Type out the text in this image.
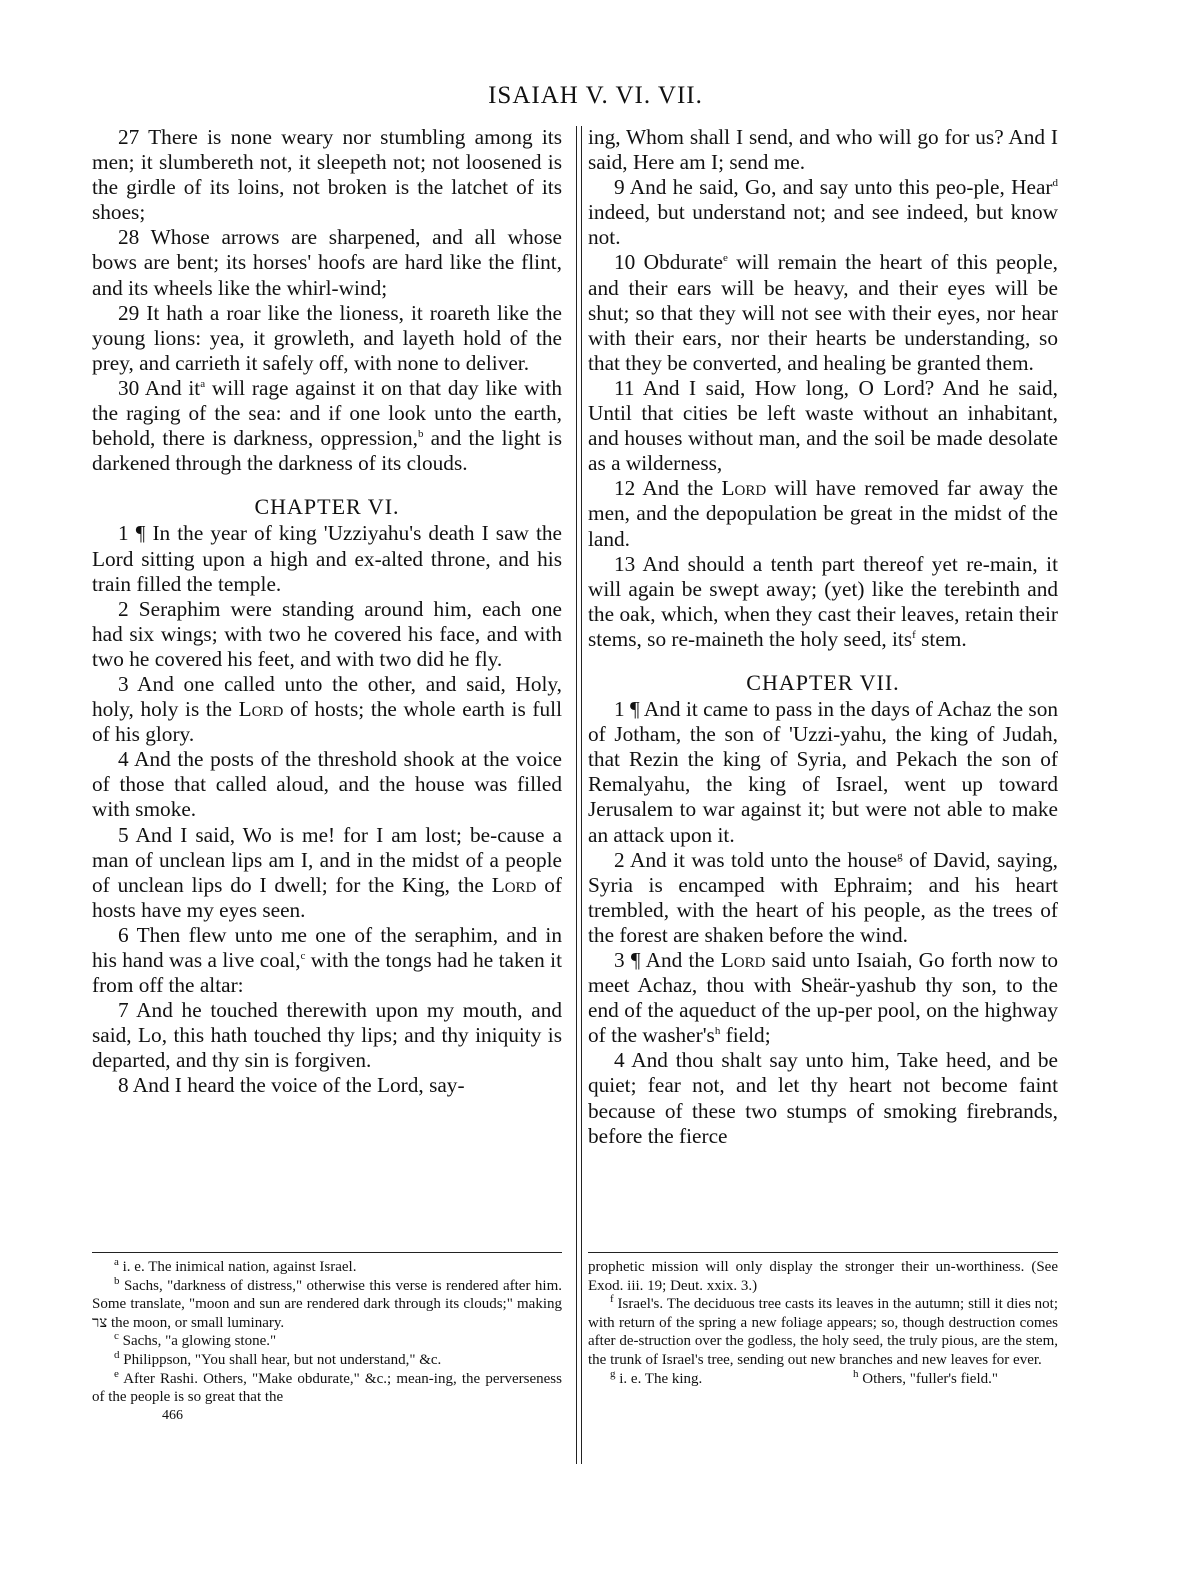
ISAIAH V. VI. VII.

27 There is none weary nor stumbling among its men; it slumbereth not, it sleepeth not; not loosened is the girdle of its loins, not broken is the latchet of its shoes;

28 Whose arrows are sharpened, and all whose bows are bent; its horses' hoofs are hard like the flint, and its wheels like the whirl-wind;

29 It hath a roar like the lioness, it roareth like the young lions: yea, it growleth, and layeth hold of the prey, and carrieth it safely off, with none to deliver.

30 And $it^a$ will rage against it on that day like with the raging of the sea: and if one look unto the earth, behold, there is darkness, oppression,$^b$ and the light is darkened through the darkness of its clouds.

CHAPTER VI.

1 ¶ In the year of king 'Uzziyahu's death I saw the Lord sitting upon a high and ex-alted throne, and his train filled the temple.

2 Seraphim were standing around him, each one had six wings; with two he covered his face, and with two he covered his feet, and with two did he fly.

3 And one called unto the other, and said, Holy, holy, holy is the Lord of hosts; the whole earth is full of his glory.

4 And the posts of the threshold shook at the voice of those that called aloud, and the house was filled with smoke.

5 And I said, Wo is me! for I am lost; be-cause a man of unclean lips am I, and in the midst of a people of unclean lips do I dwell; for the King, the Lord of hosts have my eyes seen.

6 Then flew unto me one of the seraphim, and in his hand was a live coal,$^c$ with the tongs had he taken it from off the altar:

7 And he touched therewith upon my mouth, and said, Lo, this hath touched thy lips; and thy iniquity is departed, and thy sin is forgiven.

8 And I heard the voice of the Lord, say-

ing, Whom shall I send, and who will go for us? And I said, Here am I; send me.

9 And he said, Go, and say unto this peo-ple, Hear$^d$ indeed, but understand not; and see indeed, but know not.

10 Obdurate$^e$ will remain the heart of this people, and their ears will be heavy, and their eyes will be shut; so that they will not see with their eyes, nor hear with their ears, nor their hearts be understanding, so that they be converted, and healing be granted them.

11 And I said, How long, O Lord? And he said, Until that cities be left waste without an inhabitant, and houses without man, and the soil be made desolate as a wilderness,

12 And the Lord will have removed far away the men, and the depopulation be great in the midst of the land.

13 And should a tenth part thereof yet re-main, it will again be swept away; (yet) like the terebinth and the oak, which, when they cast their leaves, retain their stems, so re-maineth the holy seed, its$^f$ stem.

CHAPTER VII.

1 ¶ And it came to pass in the days of Achaz the son of Jotham, the son of 'Uzzi-yahu, the king of Judah, that Rezin the king of Syria, and Pekach the son of Remalyahu, the king of Israel, went up toward Jerusalem to war against it; but were not able to make an attack upon it.

2 And it was told unto the house$^g$ of David, saying, Syria is encamped with Ephraim; and his heart trembled, with the heart of his people, as the trees of the forest are shaken before the wind.

3 ¶ And the Lord said unto Isaiah, Go forth now to meet Achaz, thou with Sheär-yashub thy son, to the end of the aqueduct of the up-per pool, on the highway of the $washer's^h$ field;

4 And thou shalt say unto him, Take heed, and be quiet; fear not, and let thy heart not become faint because of these two stumps of smoking firebrands, before the fierce

$^a$ i. e. The inimical nation, against Israel.

$^b$ Sachs, "darkness of distress," otherwise this verse is rendered after him. Some translate, "moon and sun are rendered dark through its clouds;" making צר the moon, or small luminary.

$^c$ Sachs, "a glowing stone."

$^d$ Philippson, "You shall hear, but not understand," &c.

$^e$ After Rashi. Others, "Make obdurate," &c.; mean-ing, the perverseness of the people is so great that the

466

prophetic mission will only display the stronger their un-worthiness. (See Exod. iii. 19; Deut. xxix. 3.)

$^f$ Israel's. The deciduous tree casts its leaves in the autumn; still it dies not; with return of the spring a new foliage appears; so, though destruction comes after de-struction over the godless, the holy seed, the truly pious, are the stem, the trunk of Israel's tree, sending out new branches and new leaves for ever.

$^g$ i. e. The king.	$^h$ Others, "fuller's field."
